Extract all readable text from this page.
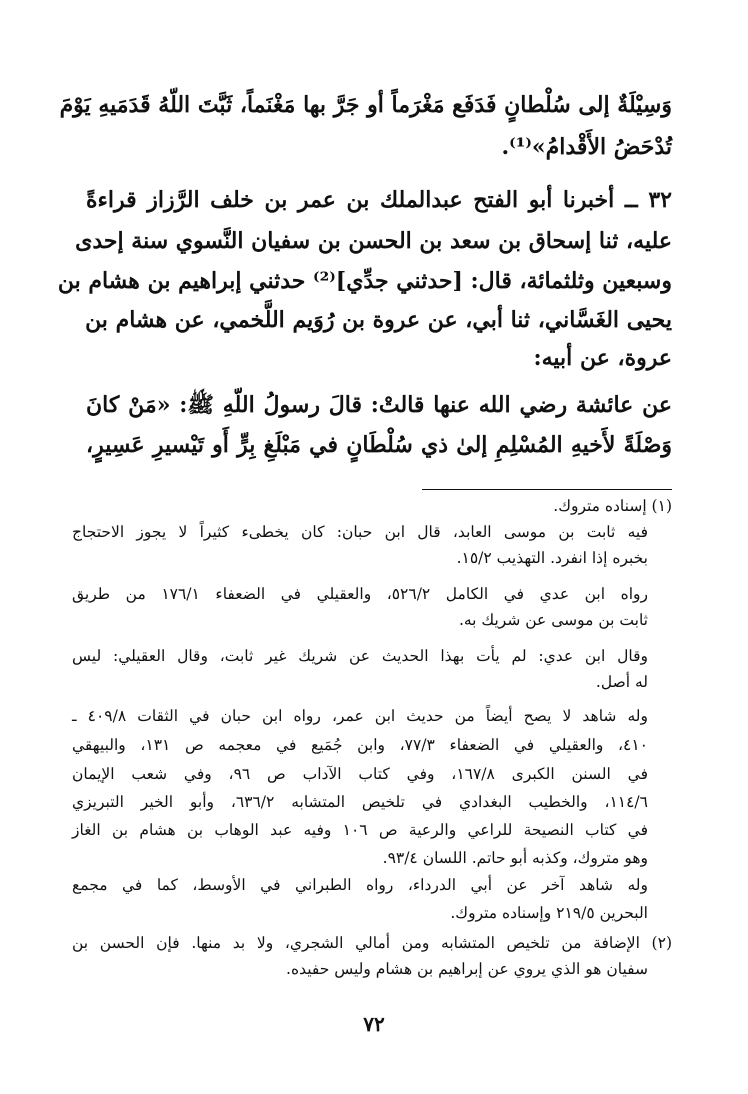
وَسِيْلَةٌ إلى سُلْطانٍ فَدَفَع مَغْرَماً أو جَرَّ بها مَغْنَماً، ثَبَّتَ اللّهُ قَدَمَيهِ يَوْمَ
تُدْحَضُ الأَقْدامُ»⁽¹⁾.
٣٢ ــ أخبرنا أبو الفتح عبدالملك بن عمر بن خلف الرَّزاز قراءةً
عليه، ثنا إسحاق بن سعد بن الحسن بن سفيان النَّسوي سنة إحدى
وسبعين وثلثمائة، قال: [حدثني جدِّي]⁽²⁾ حدثني إبراهيم بن هشام بن
يحيى الغَسَّاني، ثنا أبي، عن عروة بن رُوَيم اللَّخمي، عن هشام بن
عروة، عن أبيه:
عن عائشة رضي الله عنها قالتْ: قالَ رسولُ اللّهِ ﷺ: «مَنْ كانَ
وَصْلَةً لأَخيهِ المُسْلِمِ إلىٰ ذي سُلْطَانٍ في مَبْلَغِ بِرٍّ أَو تَيْسيرِ عَسِيرٍ،
(١) إسناده متروك.
فيه ثابت بن موسى العابد، قال ابن حبان: كان يخطىء كثيراً لا يجوز الاحتجاج
بخبره إذا انفرد. التهذيب ١٥/٢.
رواه ابن عدي في الكامل ٥٢٦/٢، والعقيلي في الضعفاء ١٧٦/١ من طريق
ثابت بن موسى عن شريك به.
وقال ابن عدي: لم يأت بهذا الحديث عن شريك غير ثابت، وقال العقيلي: ليس
له أصل.
وله شاهد لا يصح أيضاً من حديث ابن عمر، رواه ابن حبان في الثقات ٤٠٩/٨ ـ
٤١٠، والعقيلي في الضعفاء ٧٧/٣، وابن جُمَيع في معجمه ص ١٣١، والبيهقي
في السنن الكبرى ١٦٧/٨، وفي كتاب الآداب ص ٩٦، وفي شعب الإيمان
١١٤/٦، والخطيب البغدادي في تلخيص المتشابه ٦٣٦/٢، وأبو الخير التبريزي
في كتاب النصيحة للراعي والرعية ص ١٠٦ وفيه عبد الوهاب بن هشام بن الغاز
وهو متروك، وكذبه أبو حاتم. اللسان ٩٣/٤.
وله شاهد آخر عن أبي الدرداء، رواه الطبراني في الأوسط، كما في مجمع
البحرين ٢١٩/٥ وإسناده متروك.
(٢) الإضافة من تلخيص المتشابه ومن أمالي الشجري، ولا بد منها. فإن الحسن بن
سفيان هو الذي يروي عن إبراهيم بن هشام وليس حفيده.
٧٢
